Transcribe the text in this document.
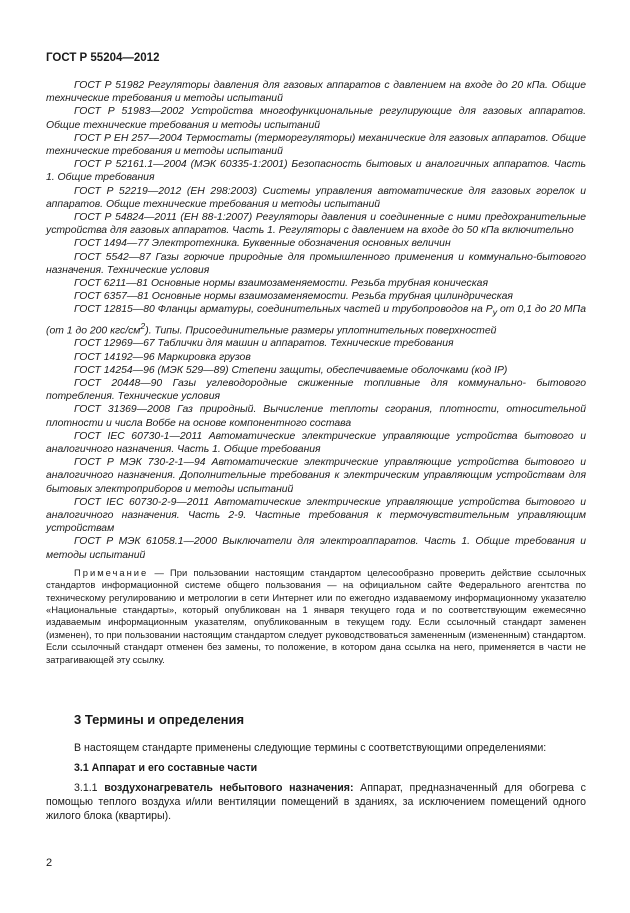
ГОСТ Р 55204—2012
ГОСТ Р 51982 Регуляторы давления для газовых аппаратов с давлением на входе до 20 кПа. Общие технические требования и методы испытаний
ГОСТ Р 51983—2002 Устройства многофункциональные регулирующие для газовых аппаратов. Общие технические требования и методы испытаний
ГОСТ Р ЕН 257—2004 Термостаты (терморегуляторы) механические для газовых аппаратов. Общие технические требования и методы испытаний
ГОСТ Р 52161.1—2004 (МЭК 60335-1:2001) Безопасность бытовых и аналогичных аппаратов. Часть 1. Общие требования
ГОСТ Р 52219—2012 (ЕН 298:2003) Системы управления автоматические для газовых горелок и аппаратов. Общие технические требования и методы испытаний
ГОСТ Р 54824—2011 (ЕН 88-1:2007) Регуляторы давления и соединенные с ними предохранительные устройства для газовых аппаратов. Часть 1. Регуляторы с давлением на входе до 50 кПа включительно
ГОСТ 1494—77 Электротехника. Буквенные обозначения основных величин
ГОСТ 5542—87 Газы горючие природные для промышленного применения и коммунально-бытового назначения. Технические условия
ГОСТ 6211—81 Основные нормы взаимозаменяемости. Резьба трубная коническая
ГОСТ 6357—81 Основные нормы взаимозаменяемости. Резьба трубная цилиндрическая
ГОСТ 12815—80 Фланцы арматуры, соединительных частей и трубопроводов на $P_у$ от 0,1 до 20 МПа (от 1 до 200 кгс/$см^2$). Типы. Присоединительные размеры уплотнительных поверхностей
ГОСТ 12969—67 Таблички для машин и аппаратов. Технические требования
ГОСТ 14192—96 Маркировка грузов
ГОСТ 14254—96 (МЭК 529—89) Степени защиты, обеспечиваемые оболочками (код IP)
ГОСТ 20448—90 Газы углеводородные сжиженные топливные для коммунально- бытового потребления. Технические условия
ГОСТ 31369—2008 Газ природный. Вычисление теплоты сгорания, плотности, относительной плотности и числа Воббе на основе компонентного состава
ГОСТ IEC 60730-1—2011 Автоматические электрические управляющие устройства бытового и аналогичного назначения. Часть 1. Общие требования
ГОСТ Р МЭК 730-2-1—94 Автоматические электрические управляющие устройства бытового и аналогичного назначения. Дополнительные требования к электрическим управляющим устройствам для бытовых электроприборов и методы испытаний
ГОСТ IEC 60730-2-9—2011 Автоматические электрические управляющие устройства бытового и аналогичного назначения. Часть 2-9. Частные требования к термочувствительным управляющим устройствам
ГОСТ Р МЭК 61058.1—2000 Выключатели для электроаппаратов. Часть 1. Общие требования и методы испытаний
Примечание — При пользовании настоящим стандартом целесообразно проверить действие ссылочных стандартов информационной системе общего пользования — на официальном сайте Федерального агентства по техническому регулированию и метрологии в сети Интернет или по ежегодно издаваемому информационному указателю «Национальные стандарты», который опубликован на 1 января текущего года и по соответствующим ежемесячно издаваемым информационным указателям, опубликованным в текущем году. Если ссылочный стандарт заменен (изменен), то при пользовании настоящим стандартом следует руководствоваться замененным (измененным) стандартом. Если ссылочный стандарт отменен без замены, то положение, в котором дана ссылка на него, применяется в части не затрагивающей эту ссылку.
3 Термины и определения
В настоящем стандарте применены следующие термины с соответствующими определениями:
3.1 Аппарат и его составные части
3.1.1 воздухонагреватель небытового назначения: Аппарат, предназначенный для обогрева с помощью теплого воздуха и/или вентиляции помещений в зданиях, за исключением помещений одного жилого блока (квартиры).
2
